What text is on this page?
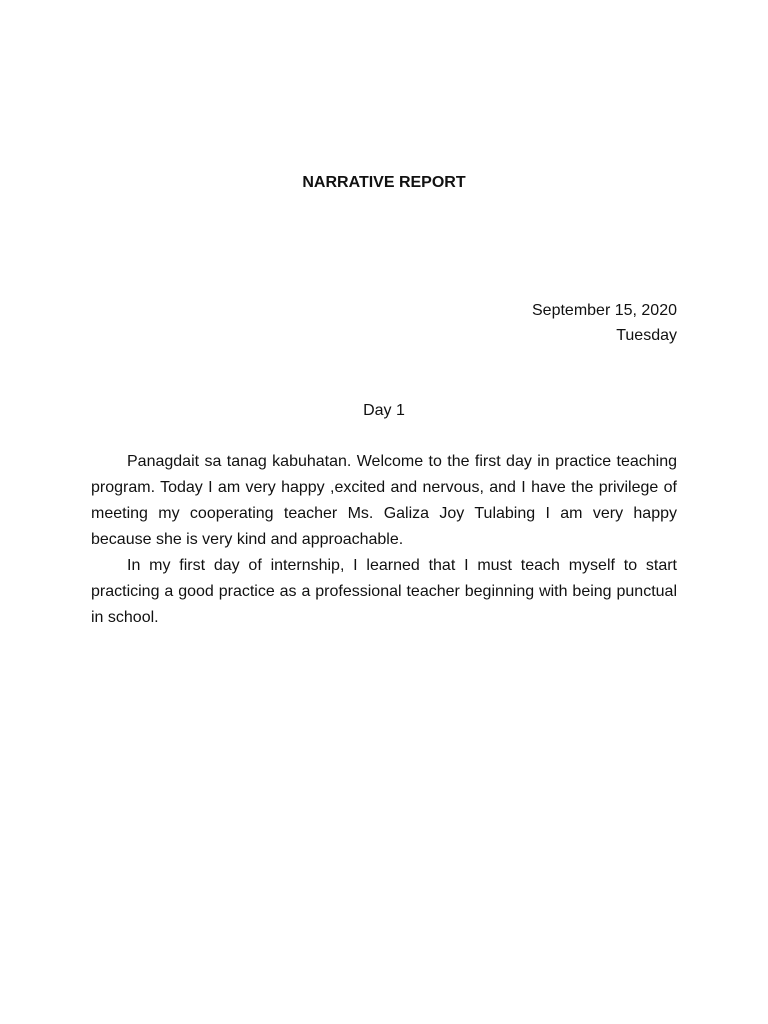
NARRATIVE REPORT
September 15, 2020
Tuesday
Day 1

Panagdait sa tanag kabuhatan. Welcome to the first day in practice teaching program. Today I am very happy ,excited and nervous, and I have the privilege of meeting my cooperating teacher Ms. Galiza Joy Tulabing I am very happy because she is very kind and approachable.

In my first day of internship, I learned that I must teach myself to start practicing a good practice as a professional teacher beginning with being punctual in school.
